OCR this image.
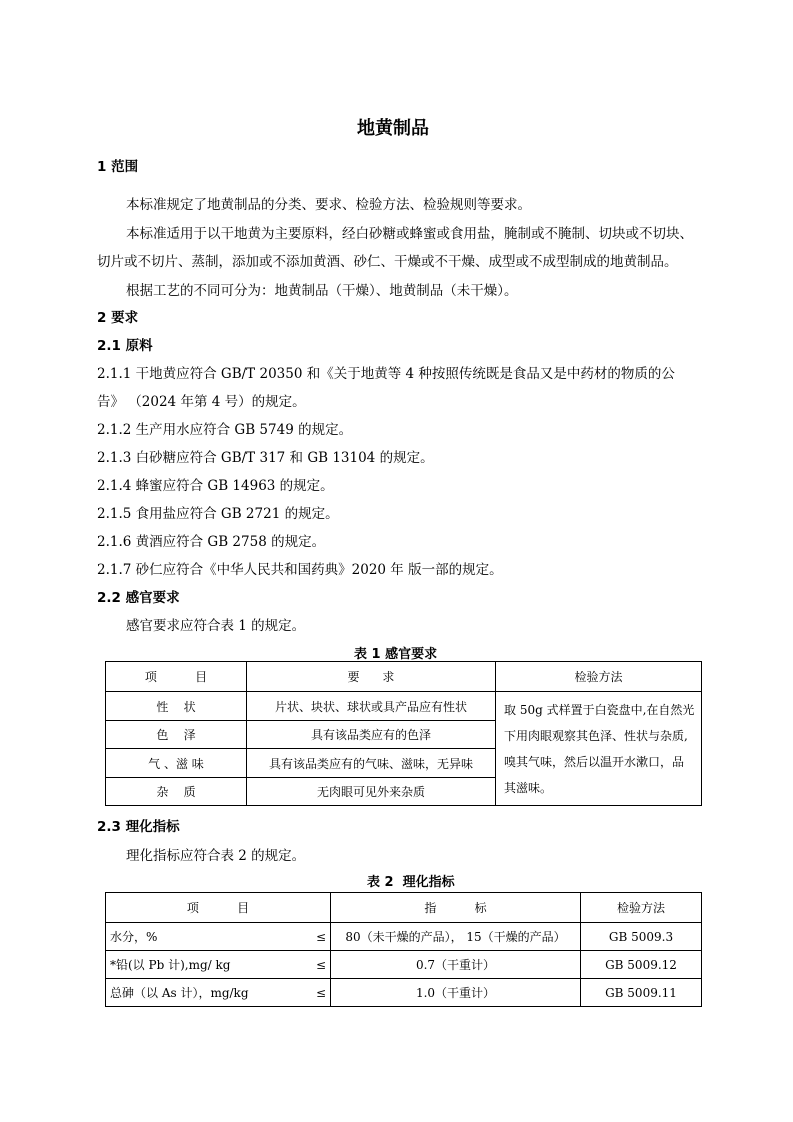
地黄制品
1 范围
本标准规定了地黄制品的分类、要求、检验方法、检验规则等要求。
本标准适用于以干地黄为主要原料，经白砂糖或蜂蜜或食用盐，腌制或不腌制、切块或不切块、
切片或不切片、蒸制，添加或不添加黄酒、砂仁、干燥或不干燥、成型或不成型制成的地黄制品。
根据工艺的不同可分为：地黄制品（干燥）、地黄制品（未干燥）。
2 要求
2.1 原料
2.1.1 干地黄应符合 GB/T 20350 和《关于地黄等 4 种按照传统既是食品又是中药材的物质的公
告》 （2024 年第 4 号）的规定。
2.1.2 生产用水应符合 GB 5749 的规定。
2.1.3 白砂糖应符合 GB/T 317 和 GB 13104 的规定。
2.1.4 蜂蜜应符合 GB 14963 的规定。
2.1.5 食用盐应符合 GB 2721 的规定。
2.1.6 黄酒应符合 GB 2758 的规定。
2.1.7 砂仁应符合《中华人民共和国药典》2020 年 版一部的规定。
2.2 感官要求
感官要求应符合表 1 的规定。
表 1 感官要求
项          目	要      求	检验方法
性    状	片状、块状、球状或具产品应有性状	取 50g 式样置于白瓷盘中,在自然光下用肉眼观察其色泽、性状与杂质,嗅其气味，然后以温开水漱口，品其滋味。
色    泽	具有该品类应有的色泽	
气 、滋 味	具有该品类应有的气味、滋味，无异味	
杂    质	无肉眼可见外来杂质	
2.3 理化指标
理化指标应符合表 2 的规定。
表 2  理化指标
项          目	指          标	检验方法

水分，% ≤	80（未干燥的产品）， 15（干燥的产品）	GB 5009.3

*铅(以 Pb 计),mg/ kg ≤	0.7（干重计）	GB 5009.12

总砷（以 As 计），mg/kg ≤	1.0（干重计）	GB 5009.11
